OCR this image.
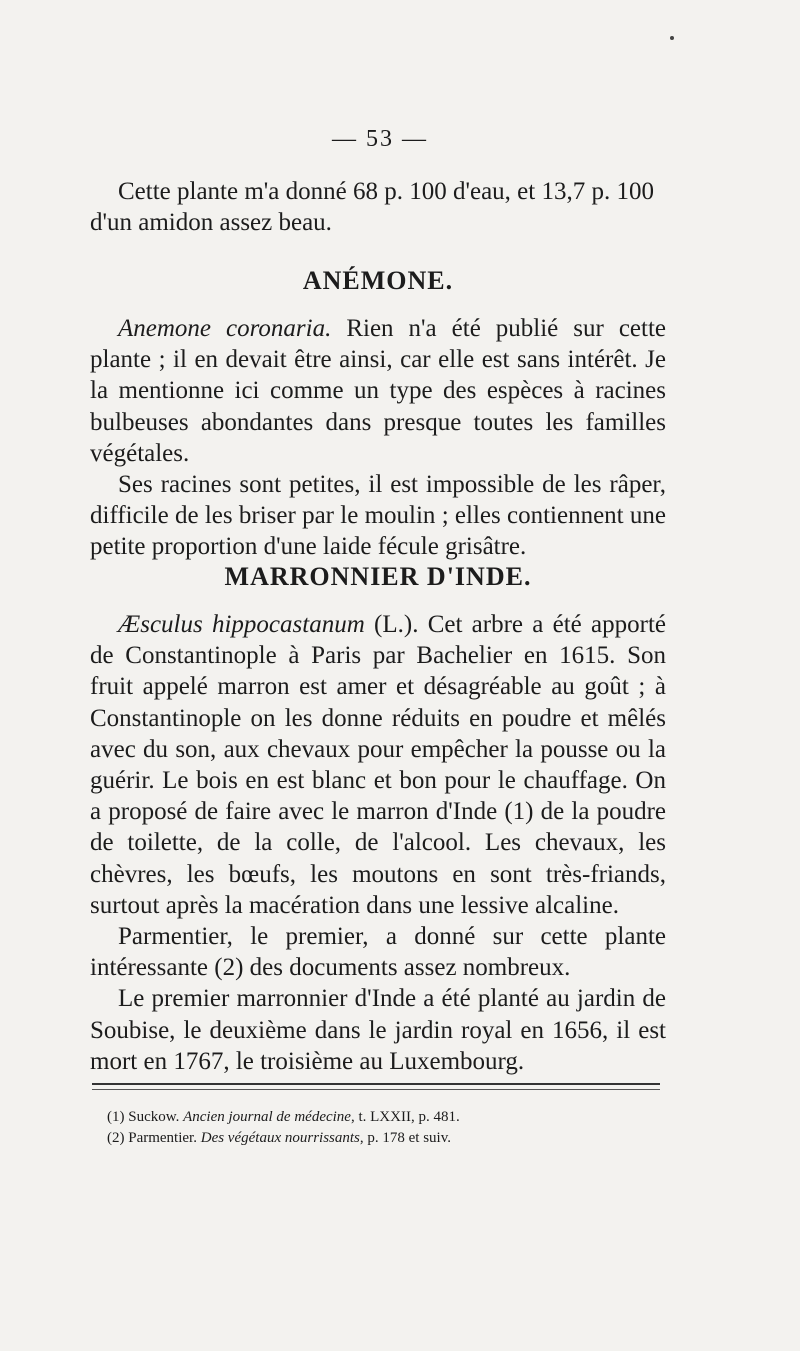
— 53 —

Cette plante m'a donné 68 p. 100 d'eau, et 13,7 p. 100

d'un amidon assez beau.

ANÉMONE.

Anemone coronaria. Rien n'a été publié sur cette plante ; il en devait être ainsi, car elle est sans intérêt. Je la mentionne ici comme un type des espèces à racines bulbeuses abondantes dans presque toutes les familles végétales.

Ses racines sont petites, il est impossible de les râper, difficile de les briser par le moulin ; elles contiennent une petite proportion d'une laide fécule grisâtre.

MARRONNIER D'INDE.

Æsculus hippocastanum (L.). Cet arbre a été apporté de Constantinople à Paris par Bachelier en 1615. Son fruit appelé marron est amer et désagréable au goût ; à Constantinople on les donne réduits en poudre et mêlés avec du son, aux chevaux pour empêcher la pousse ou la guérir. Le bois en est blanc et bon pour le chauffage. On a proposé de faire avec le marron d'Inde (1) de la poudre de toilette, de la colle, de l'alcool. Les chevaux, les chèvres, les bœufs, les moutons en sont très-friands, surtout après la macération dans une lessive alcaline.

Parmentier, le premier, a donné sur cette plante intéressante (2) des documents assez nombreux.

Le premier marronnier d'Inde a été planté au jardin de Soubise, le deuxième dans le jardin royal en 1656, il est mort en 1767, le troisième au Luxembourg.

(1) Suckow. Ancien journal de médecine, t. LXXII, p. 481.
(2) Parmentier. Des végétaux nourrissants, p. 178 et suiv.
